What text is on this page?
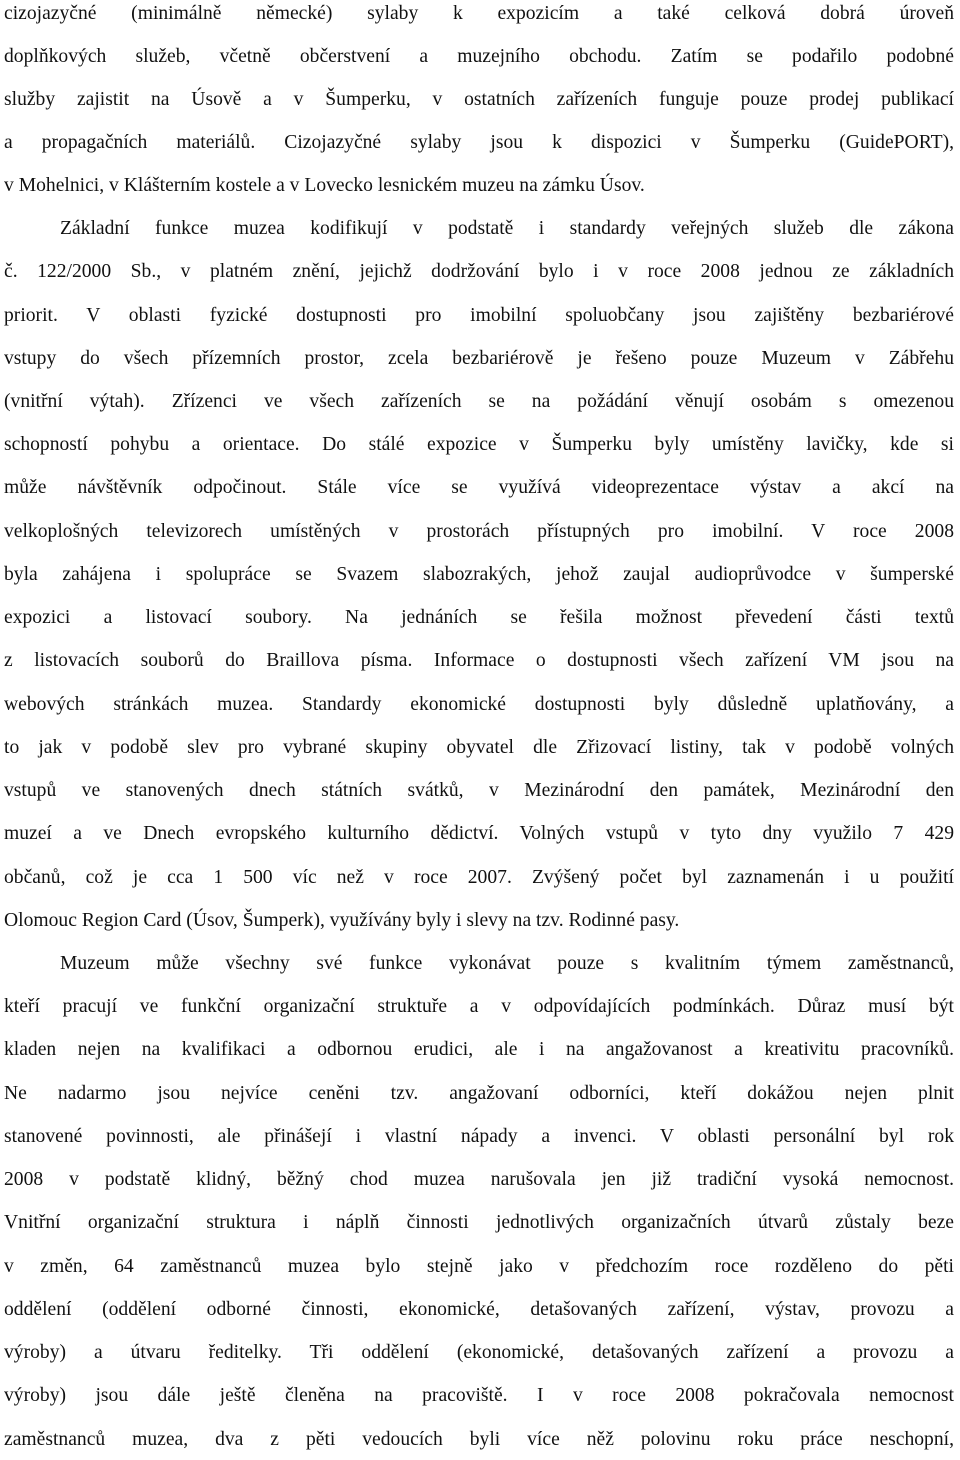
cizojazyčné (minimálně německé) sylaby k expozicím a také celková dobrá úroveň
doplňkových služeb, včetně občerstvení a muzejního obchodu. Zatím se podařilo podobné
služby zajistit na Úsově a v Šumperku, v ostatních zařízeních funguje pouze prodej publikací
a propagačních materiálů. Cizojazyčné sylaby jsou k dispozici v Šumperku (GuidePORT),
v Mohelnici, v Klášterním kostele a v Lovecko lesnickém muzeu na zámku Úsov.
Základní funkce muzea kodifikují v podstatě i standardy veřejných služeb dle zákona
č. 122/2000 Sb., v platném znění, jejichž dodržování bylo i v roce 2008 jednou ze základních
priorit. V oblasti fyzické dostupnosti pro imobilní spoluobčany jsou zajištěny bezbariérové
vstupy do všech přízemních prostor, zcela bezbariérově je řešeno pouze Muzeum v Zábřehu
(vnitřní výtah). Zřízenci ve všech zařízeních se na požádání věnují osobám s omezenou
schopností pohybu a orientace. Do stálé expozice v Šumperku byly umístěny lavičky, kde si
může návštěvník odpočinout. Stále více se využívá videoprezentace výstav a akcí na
velkoplošných televizorech umístěných v prostorách přístupných pro imobilní. V roce 2008
byla zahájena i spolupráce se Svazem slabozrakých, jehož zaujal audioprůvodce v šumperské
expozici a listovací soubory. Na jednáních se řešila možnost převedení části textů
z listovacích souborů do Braillova písma. Informace o dostupnosti všech zařízení VM jsou na
webových stránkách muzea. Standardy ekonomické dostupnosti byly důsledně uplatňovány, a
to jak v podobě slev pro vybrané skupiny obyvatel dle Zřizovací listiny, tak v podobě volných
vstupů ve stanovených dnech státních svátků, v Mezinárodní den památek, Mezinárodní den
muzeí a ve Dnech evropského kulturního dědictví. Volných vstupů v tyto dny využilo 7 429
občanů, což je cca 1 500 víc než v roce 2007. Zvýšený počet byl zaznamenán i u použití
Olomouc Region Card (Úsov, Šumperk), využívány byly i slevy na tzv. Rodinné pasy.
Muzeum může všechny své funkce vykonávat pouze s kvalitním týmem zaměstnanců,
kteří pracují ve funkční organizační struktuře a v odpovídajících podmínkách. Důraz musí být
kladen nejen na kvalifikaci a odbornou erudici, ale i na angažovanost a kreativitu pracovníků.
Ne nadarmo jsou nejvíce ceněni tzv. angažovaní odborníci, kteří dokážou nejen plnit
stanovené povinnosti, ale přinášejí i vlastní nápady a invenci. V oblasti personální byl rok
2008 v podstatě klidný, běžný chod muzea narušovala jen již tradiční vysoká nemocnost.
Vnitřní organizační struktura i náplň činnosti jednotlivých organizačních útvarů zůstaly beze
v změn, 64 zaměstnanců muzea bylo stejně jako v předchozím roce rozděleno do pěti
oddělení (oddělení odborné činnosti, ekonomické, detašovaných zařízení, výstav, provozu a
výroby) a útvaru ředitelky. Tři oddělení (ekonomické, detašovaných zařízení a provozu a
výroby) jsou dále ještě členěna na pracoviště. I v roce 2008 pokračovala nemocnost
zaměstnanců muzea, dva z pěti vedoucích byli více něž polovinu roku práce neschopní,
